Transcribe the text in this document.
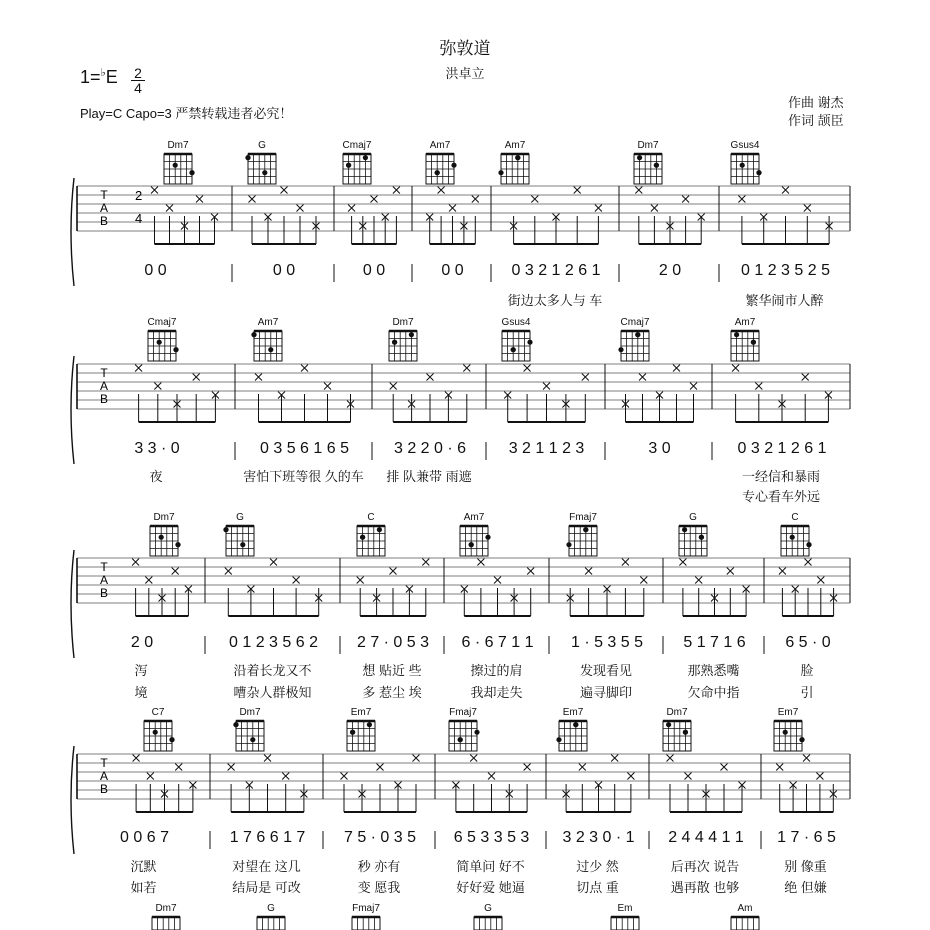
弥敦道
洪卓立
1=♭E 2
4
Play=C Capo=3 严禁转载违者必究！
作曲 谢杰
作词 颉臣
T
A
B
2
4
T
A
B
T
A
B
T
A
B
Dm7	G	Cmaj7	Am7	Am7	Dm7	Gsus4
0 0	0 0	0 0	0 0	0 3 2 1 2 6 1	2 0	0 1 2 3 5 2 5
街边太多人与 车	繁华闹市人醉
Cmaj7	Am7	Dm7	Gsus4	Cmaj7	Am7
3 3 · 0	0 3 5 6 1 6 5	3 2 2 0 · 6	3 2 1 1 2 3	3 0	0 3 2 1 2 6 1
夜	害怕下班等很 久的车	排 队兼带 雨遮	一经信和暴雨
专心看车外远
Dm7	G	C	Am7	Fmaj7	G	C
2 0	0 1 2 3 5 6 2	2 7 · 0 5 3	6 · 6 7 1 1	1 · 5 3 5 5	5 1 7 1 6	6 5 · 0
泻	沿着长龙又不	想 贴近 些	擦过的肩	发现看见	那熟悉嘴	脸
境	嘈杂人群极知	多 惹尘 埃	我却走失	遍寻脚印	欠命中指	引
C7	Dm7	Em7	Fmaj7	Em7	Dm7	Em7
0 0 6 7	1 7 6 6 1 7	7 5 · 0 3 5	6 5 3 3 5 3	3 2 3 0 · 1	2 4 4 4 1 1	1 7 · 6 5
沉默	对望在 这几	秒 亦有	简单问 好不	过少 然	后再次 说告	别 像重
如若	结局是 可改	变 愿我	好好爱 她逼	切点 重	遇再散 也够	绝 但嫌
Dm7	G	Fmaj7	G	Em	Am
